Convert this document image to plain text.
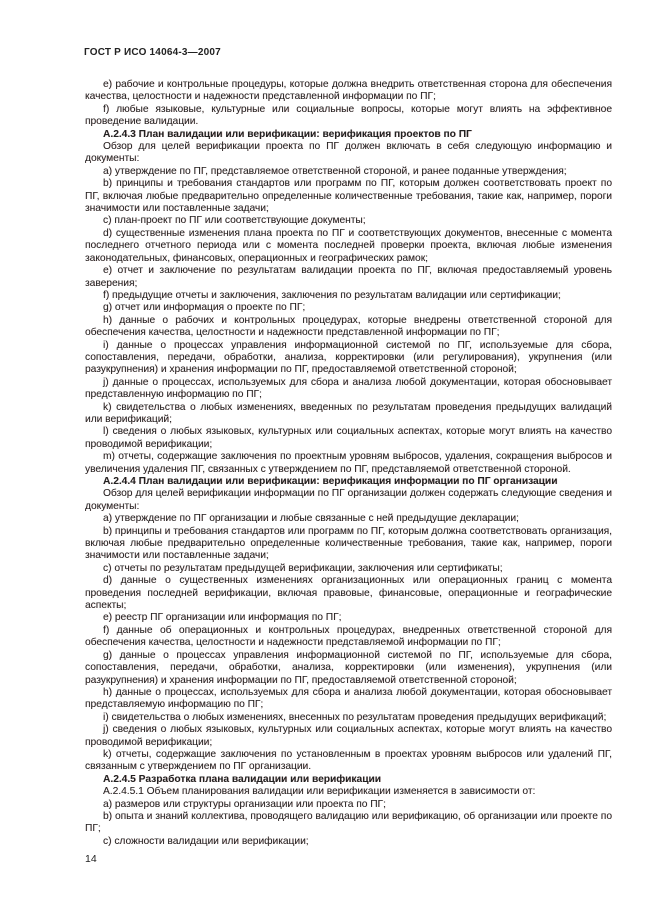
ГОСТ Р ИСО 14064-3—2007

е) рабочие и контрольные процедуры, которые должна внедрить ответственная сторона для обеспечения качества, целостности и надежности представленной информации по ПГ;

f) любые языковые, культурные или социальные вопросы, которые могут влиять на эффективное проведение валидации.

А.2.4.3 План валидации или верификации: верификация проектов по ПГ

Обзор для целей верификации проекта по ПГ должен включать в себя следующую информацию и документы:

а) утверждение по ПГ, представляемое ответственной стороной, и ранее поданные утверждения;

b) принципы и требования стандартов или программ по ПГ, которым должен соответствовать проект по ПГ, включая любые предварительно определенные количественные требования, такие как, например, пороги значимости или поставленные задачи;

с) план-проект по ПГ или соответствующие документы;

d) существенные изменения плана проекта по ПГ и соответствующих документов, внесенные с момента последнего отчетного периода или с момента последней проверки проекта, включая любые изменения законодательных, финансовых, операционных и географических рамок;

е) отчет и заключение по результатам валидации проекта по ПГ, включая предоставляемый уровень заверения;

f) предыдущие отчеты и заключения, заключения по результатам валидации или сертификации;

g) отчет или информация о проекте по ПГ;

h) данные о рабочих и контрольных процедурах, которые внедрены ответственной стороной для обеспечения качества, целостности и надежности представленной информации по ПГ;

i) данные о процессах управления информационной системой по ПГ, используемые для сбора, сопоставления, передачи, обработки, анализа, корректировки (или регулирования), укрупнения (или разукрупнения) и хранения информации по ПГ, предоставляемой ответственной стороной;

j) данные о процессах, используемых для сбора и анализа любой документации, которая обосновывает представленную информацию по ПГ;

k) свидетельства о любых изменениях, введенных по результатам проведения предыдущих валидаций или верификаций;

l) сведения о любых языковых, культурных или социальных аспектах, которые могут влиять на качество проводимой верификации;

m) отчеты, содержащие заключения по проектным уровням выбросов, удаления, сокращения выбросов и увеличения удаления ПГ, связанных с утверждением по ПГ, представляемой ответственной стороной.

А.2.4.4 План валидации или верификации: верификация информации по ПГ организации

Обзор для целей верификации информации по ПГ организации должен содержать следующие сведения и документы:

а) утверждение по ПГ организации и любые связанные с ней предыдущие декларации;

b) принципы и требования стандартов или программ по ПГ, которым должна соответствовать организация, включая любые предварительно определенные количественные требования, такие как, например, пороги значимости или поставленные задачи;

с) отчеты по результатам предыдущей верификации, заключения или сертификаты;

d) данные о существенных изменениях организационных или операционных границ с момента проведения последней верификации, включая правовые, финансовые, операционные и географические аспекты;

е) реестр ПГ организации или информация по ПГ;

f) данные об операционных и контрольных процедурах, внедренных ответственной стороной для обеспечения качества, целостности и надежности представляемой информации по ПГ;

g) данные о процессах управления информационной системой по ПГ, используемые для сбора, сопоставления, передачи, обработки, анализа, корректировки (или изменения), укрупнения (или разукрупнения) и хранения информации по ПГ, предоставляемой ответственной стороной;

h) данные о процессах, используемых для сбора и анализа любой документации, которая обосновывает представляемую информацию по ПГ;

i) свидетельства о любых изменениях, внесенных по результатам проведения предыдущих верификаций;

j) сведения о любых языковых, культурных или социальных аспектах, которые могут влиять на качество проводимой верификации;

k) отчеты, содержащие заключения по установленным в проектах уровням выбросов или удалений ПГ, связанным с утверждением по ПГ организации.

А.2.4.5 Разработка плана валидации или верификации

А.2.4.5.1 Объем планирования валидации или верификации изменяется в зависимости от:

а) размеров или структуры организации или проекта по ПГ;

b) опыта и знаний коллектива, проводящего валидацию или верификацию, об организации или проекте по ПГ;

с) сложности валидации или верификации;

14
